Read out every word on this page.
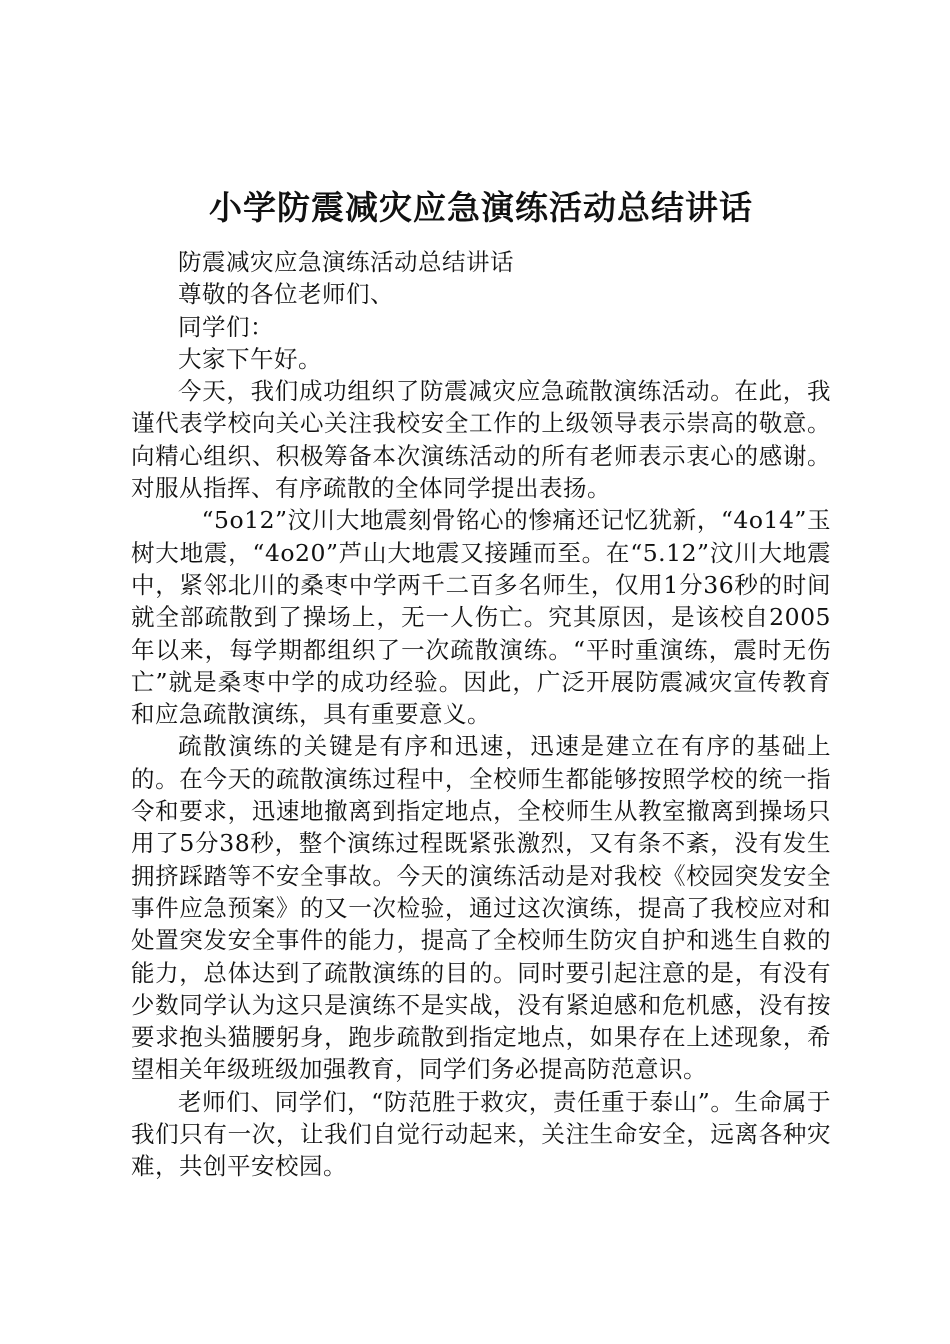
小学防震减灾应急演练活动总结讲话

防震减灾应急演练活动总结讲话

尊敬的各位老师们、

同学们：

大家下午好。

今天，我们成功组织了防震减灾应急疏散演练活动。在此，我谨代表学校向关心关注我校安全工作的上级领导表示崇高的敬意。向精心组织、积极筹备本次演练活动的所有老师表示衷心的感谢。对服从指挥、有序疏散的全体同学提出表扬。

“5o12”汶川大地震刻骨铭心的惨痛还记忆犹新，“4o14”玉树大地震，“4o20”芦山大地震又接踵而至。在“5.12”汶川大地震中，紧邻北川的桑枣中学两千二百多名师生，仅用1分36秒的时间就全部疏散到了操场上，无一人伤亡。究其原因，是该校自2005年以来，每学期都组织了一次疏散演练。“平时重演练，震时无伤亡”就是桑枣中学的成功经验。因此，广泛开展防震减灾宣传教育和应急疏散演练，具有重要意义。

疏散演练的关键是有序和迅速，迅速是建立在有序的基础上的。在今天的疏散演练过程中，全校师生都能够按照学校的统一指令和要求，迅速地撤离到指定地点，全校师生从教室撤离到操场只用了5分38秒，整个演练过程既紧张激烈，又有条不紊，没有发生拥挤踩踏等不安全事故。今天的演练活动是对我校《校园突发安全事件应急预案》的又一次检验，通过这次演练，提高了我校应对和处置突发安全事件的能力，提高了全校师生防灾自护和逃生自救的能力，总体达到了疏散演练的目的。同时要引起注意的是，有没有少数同学认为这只是演练不是实战，没有紧迫感和危机感，没有按要求抱头猫腰躬身，跑步疏散到指定地点，如果存在上述现象，希望相关年级班级加强教育，同学们务必提高防范意识。

老师们、同学们，“防范胜于救灾，责任重于泰山”。生命属于我们只有一次，让我们自觉行动起来，关注生命安全，远离各种灾难，共创平安校园。
